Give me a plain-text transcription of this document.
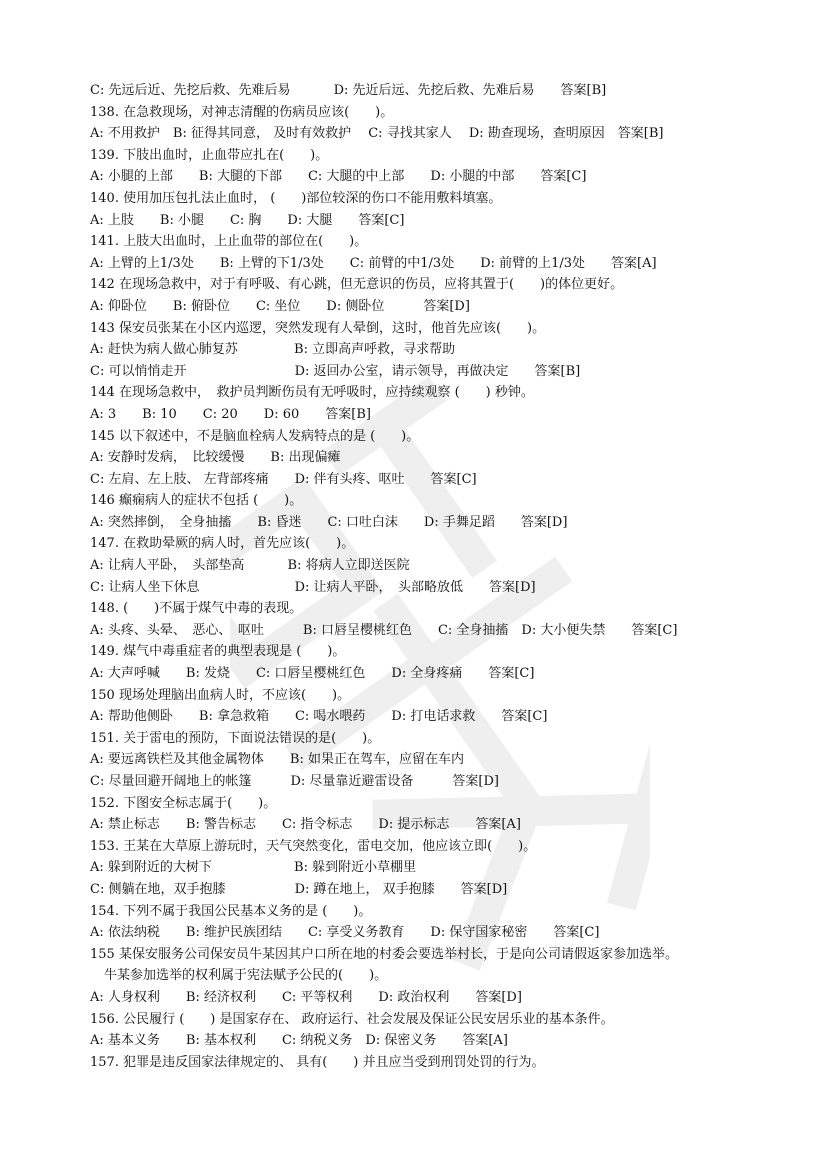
C: 先远后近、先挖后救、先难后易　　　 D: 先近后远、先挖后救、先难后易　　答案[B]
138. 在急救现场，对神志清醒的伤病员应该(　　)。
A: 不用救护　B: 征得其同意， 及时有效救护　 C: 寻找其家人　 D: 勘查现场，查明原因　答案[B]
139. 下肢出血时，止血带应扎在(　　)。
A: 小腿的上部　　B: 大腿的下部　　C: 大腿的中上部　　D: 小腿的中部　　答案[C]
140. 使用加压包扎法止血时， (　　)部位较深的伤口不能用敷料填塞。
A: 上肢　　B: 小腿　　C: 胸　　D: 大腿　　答案[C]
141. 上肢大出血时，上止血带的部位在(　　)。
A: 上臂的上1/3处　　B: 上臂的下1/3处　　C: 前臂的中1/3处　　D: 前臂的上1/3处　　答案[A]
142 在现场急救中，对于有呼吸、有心跳，但无意识的伤员，应将其置于(　　)的体位更好。
A: 仰卧位　　B: 俯卧位　　C: 坐位　　D: 侧卧位　　　答案[D]
143 保安员张某在小区内巡逻，突然发现有人晕倒，这时，他首先应该(　　)。
A: 赶快为病人做心肺复苏　　　　 B: 立即高声呼救，寻求帮助
C: 可以悄悄走开　　　　　　　　 D: 返回办公室，请示领导，再做决定　　答案[B]
144 在现场急救中，　救护员判断伤员有无呼吸时，应持续观察 (　　) 秒钟。
A: 3　　B: 10　　C: 20　　D: 60　　答案[B]
145 以下叙述中，不是脑血栓病人发病特点的是 (　　)。
A: 安静时发病，　比较缓慢　　B: 出现偏瘫
C: 左肩、左上肢、 左背部疼痛　　D: 伴有头疼、呕吐　　答案[C]
146 癫痫病人的症状不包括 (　　)。
A: 突然摔倒，　全身抽搐　　B: 昏迷　　C: 口吐白沫　　D: 手舞足蹈　　答案[D]
147. 在救助晕厥的病人时，首先应该(　　)。
A: 让病人平卧，　头部垫高　　　 B: 将病人立即送医院
C: 让病人坐下休息　　　　　　　 D: 让病人平卧，　头部略放低　　答案[D]
148. (　　)不属于煤气中毒的表现。
A: 头疼、头晕、　恶心、　呕吐　　　B: 口唇呈樱桃红色　　C: 全身抽搐　D: 大小便失禁　　答案[C]
149. 煤气中毒重症者的典型表现是 (　　)。
A: 大声呼喊　　B: 发烧　　C: 口唇呈樱桃红色　　D: 全身疼痛　　答案[C]
150 现场处理脑出血病人时，不应该(　　)。
A: 帮助他侧卧　　B: 拿急救箱　　C: 喝水喂药　　D: 打电话求救　　答案[C]
151. 关于雷电的预防，下面说法错误的是(　　)。
A: 要远离铁栏及其他金属物体　　B: 如果正在驾车，应留在车内
C: 尽量回避开阔地上的帐篷　　　D: 尽量靠近避雷设备　　　答案[D]
152. 下图安全标志属于(　　)。
A: 禁止标志　　B: 警告标志　　C: 指令标志　　D: 提示标志　　答案[A]
153. 王某在大草原上游玩时，天气突然变化，雷电交加，他应该立即(　　)。
A: 躲到附近的大树下　　　　　　 B: 躲到附近小草棚里
C: 侧躺在地，双手抱膝　　　　　 D: 蹲在地上， 双手抱膝　　答案[D]
154. 下列不属于我国公民基本义务的是 (　　)。
A: 依法纳税　　B: 维护民族团结　　C: 享受义务教育　　D: 保守国家秘密　　答案[C]
155 某保安服务公司保安员牛某因其户口所在地的村委会要选举村长，于是向公司请假返家参加选举。
牛某参加选举的权利属于宪法赋予公民的(　　)。
A: 人身权利　　B: 经济权利　　C: 平等权利　　D: 政治权利　　答案[D]
156. 公民履行 (　　) 是国家存在、 政府运行、社会发展及保证公民安居乐业的基本条件。
A: 基本义务　　B: 基本权利　　C: 纳税义务　D: 保密义务　　答案[A]
157. 犯罪是违反国家法律规定的、 具有(　　) 并且应当受到刑罚处罚的行为。
